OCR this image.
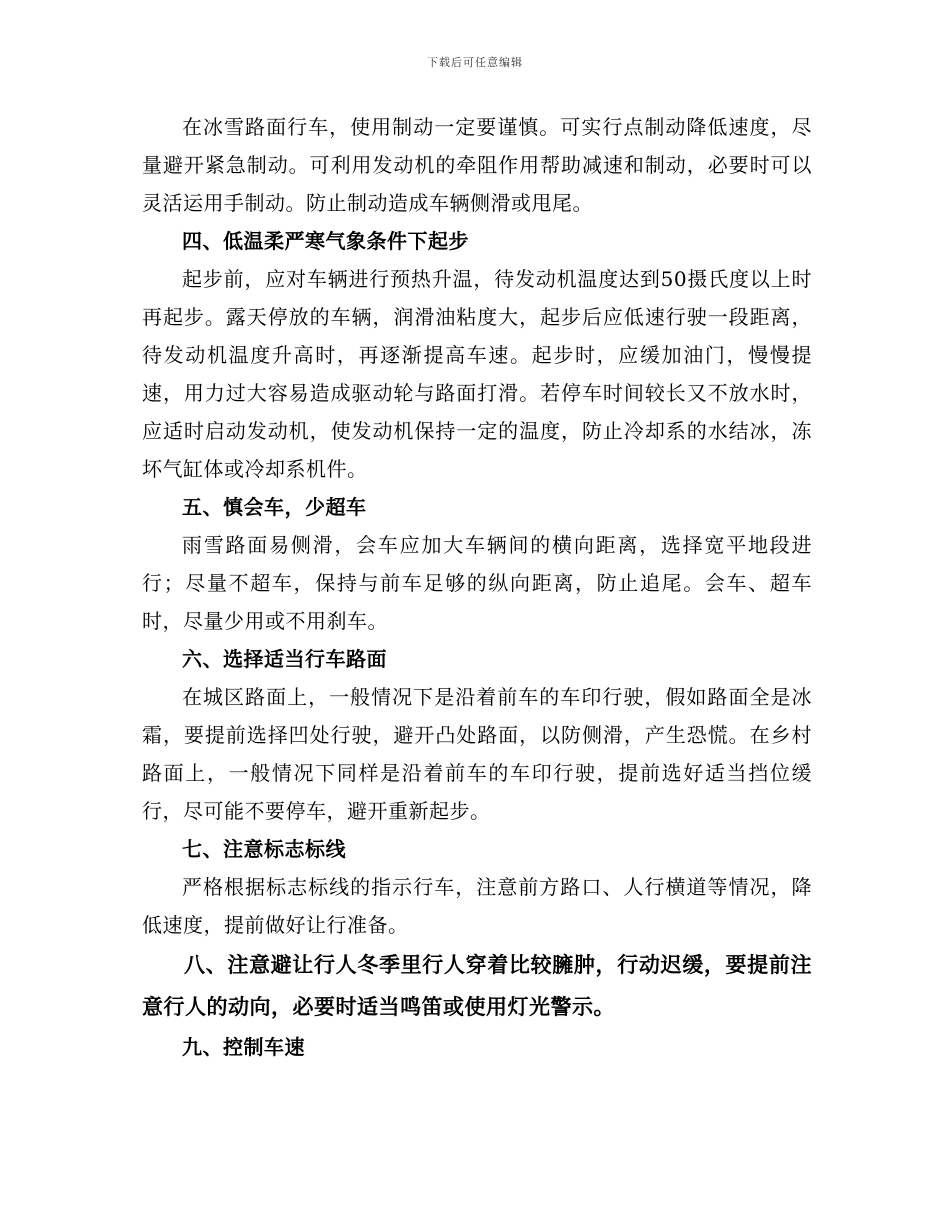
下载后可任意编辑

在冰雪路面行车，使用制动一定要谨慎。可实行点制动降低速度，尽量避开紧急制动。可利用发动机的牵阻作用帮助减速和制动，必要时可以灵活运用手制动。防止制动造成车辆侧滑或甩尾。

四、低温柔严寒气象条件下起步

起步前，应对车辆进行预热升温，待发动机温度达到50摄氏度以上时再起步。露天停放的车辆，润滑油粘度大，起步后应低速行驶一段距离，待发动机温度升高时，再逐渐提高车速。起步时，应缓加油门，慢慢提速，用力过大容易造成驱动轮与路面打滑。若停车时间较长又不放水时，应适时启动发动机，使发动机保持一定的温度，防止冷却系的水结冰，冻坏气缸体或冷却系机件。

五、慎会车，少超车

雨雪路面易侧滑，会车应加大车辆间的横向距离，选择宽平地段进行；尽量不超车，保持与前车足够的纵向距离，防止追尾。会车、超车时，尽量少用或不用刹车。

六、选择适当行车路面

在城区路面上，一般情况下是沿着前车的车印行驶，假如路面全是冰霜，要提前选择凹处行驶，避开凸处路面，以防侧滑，产生恐慌。在乡村路面上，一般情况下同样是沿着前车的车印行驶，提前选好适当挡位缓行，尽可能不要停车，避开重新起步。

七、注意标志标线

严格根据标志标线的指示行车，注意前方路口、人行横道等情况，降低速度，提前做好让行准备。

八、注意避让行人冬季里行人穿着比较臃肿，行动迟缓，要提前注意行人的动向，必要时适当鸣笛或使用灯光警示。

九、控制车速
